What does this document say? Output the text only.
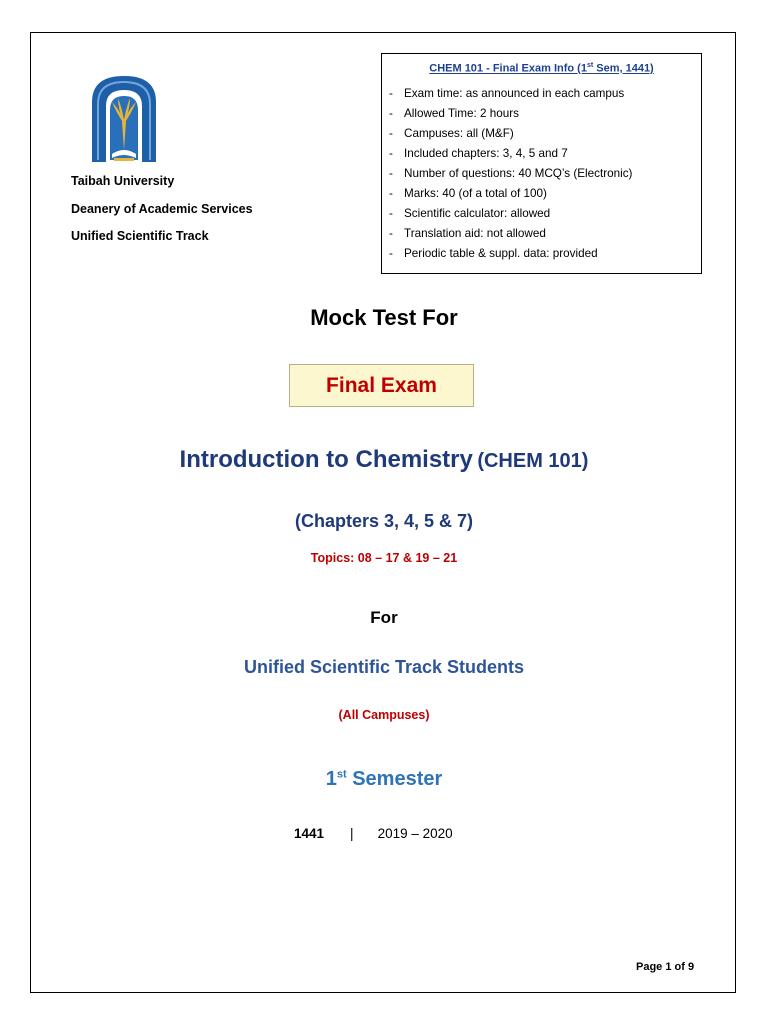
Taibah University
Deanery of Academic Services
Unified Scientific Track
CHEM 101 - Final Exam Info (1st Sem, 1441)
- Exam time: as announced in each campus
- Allowed Time: 2 hours
- Campuses: all (M&F)
- Included chapters: 3, 4, 5 and 7
- Number of questions: 40 MCQ’s (Electronic)
- Marks: 40 (of a total of 100)
- Scientific calculator: allowed
- Translation aid: not allowed
- Periodic table & suppl. data: provided
Mock Test For
Final Exam
Introduction to Chemistry (CHEM 101)
(Chapters 3, 4, 5 & 7)
Topics: 08 – 17 & 19 – 21
For
Unified Scientific Track Students
(All Campuses)
1st Semester
1441 | 2019 – 2020
Page 1 of 9
